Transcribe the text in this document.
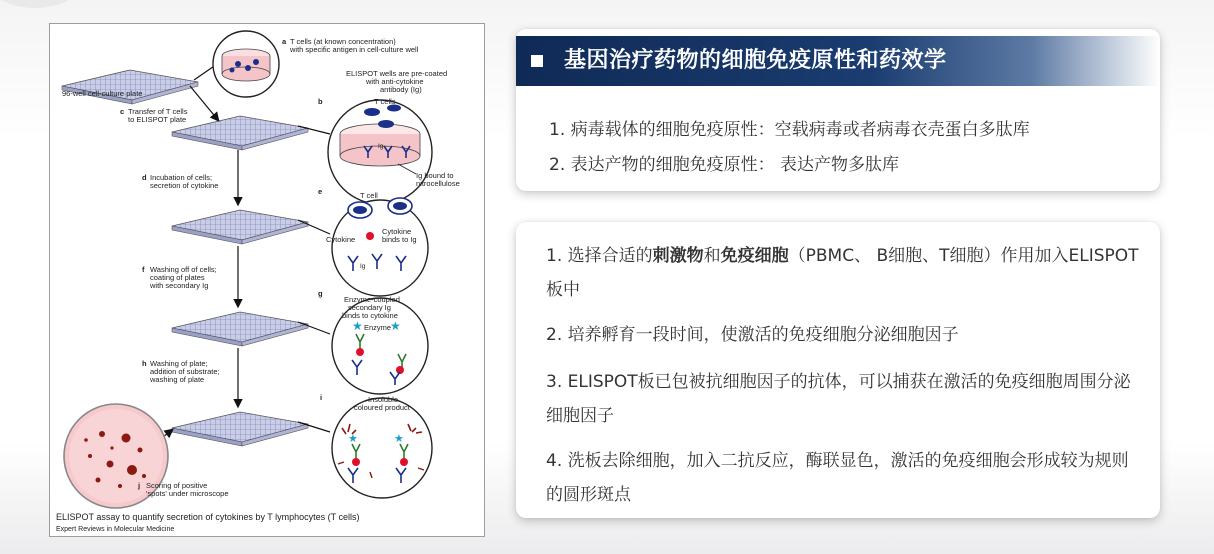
★ ★
★	★
a T cells (at known concentration)
with specific antigen in cell-culture well
96-well cell-culture plate
ELISPOT wells are pre-coated
with anti-cytokine
antibody (Ig)
b	T cells
Ig
Ig bound to
nitrocellulose
c Transfer of T cells
to ELISPOT plate
d Incubation of cells;
secretion of cytokine
e	T cell
Cytokine
Cytokine
binds to Ig
Ig
f Washing off of cells;
coating of plates
with secondary Ig
g
Enzyme-coupled
secondary Ig
binds to cytokine
Enzyme
h Washing of plate;
addition of substrate;
washing of plate
i	Insoluble
coloured product
j Scoring of positive
'spots' under microscope
ELISPOT assay to quantify secretion of cytokines by T lymphocytes (T cells)
Expert Reviews in Molecular Medicine
基因治疗药物的细胞免疫原性和药效学
1. 病毒载体的细胞免疫原性：空载病毒或者病毒衣壳蛋白多肽库
2. 表达产物的细胞免疫原性： 表达产物多肽库
1. 选择合适的刺激物和免疫细胞（PBMC、 B细胞、T细胞）作用加入ELISPOT板中
2. 培养孵育一段时间，使激活的免疫细胞分泌细胞因子
3. ELISPOT板已包被抗细胞因子的抗体，可以捕获在激活的免疫细胞周围分泌细胞因子
4. 洗板去除细胞，加入二抗反应，酶联显色，激活的免疫细胞会形成较为规则的圆形斑点
